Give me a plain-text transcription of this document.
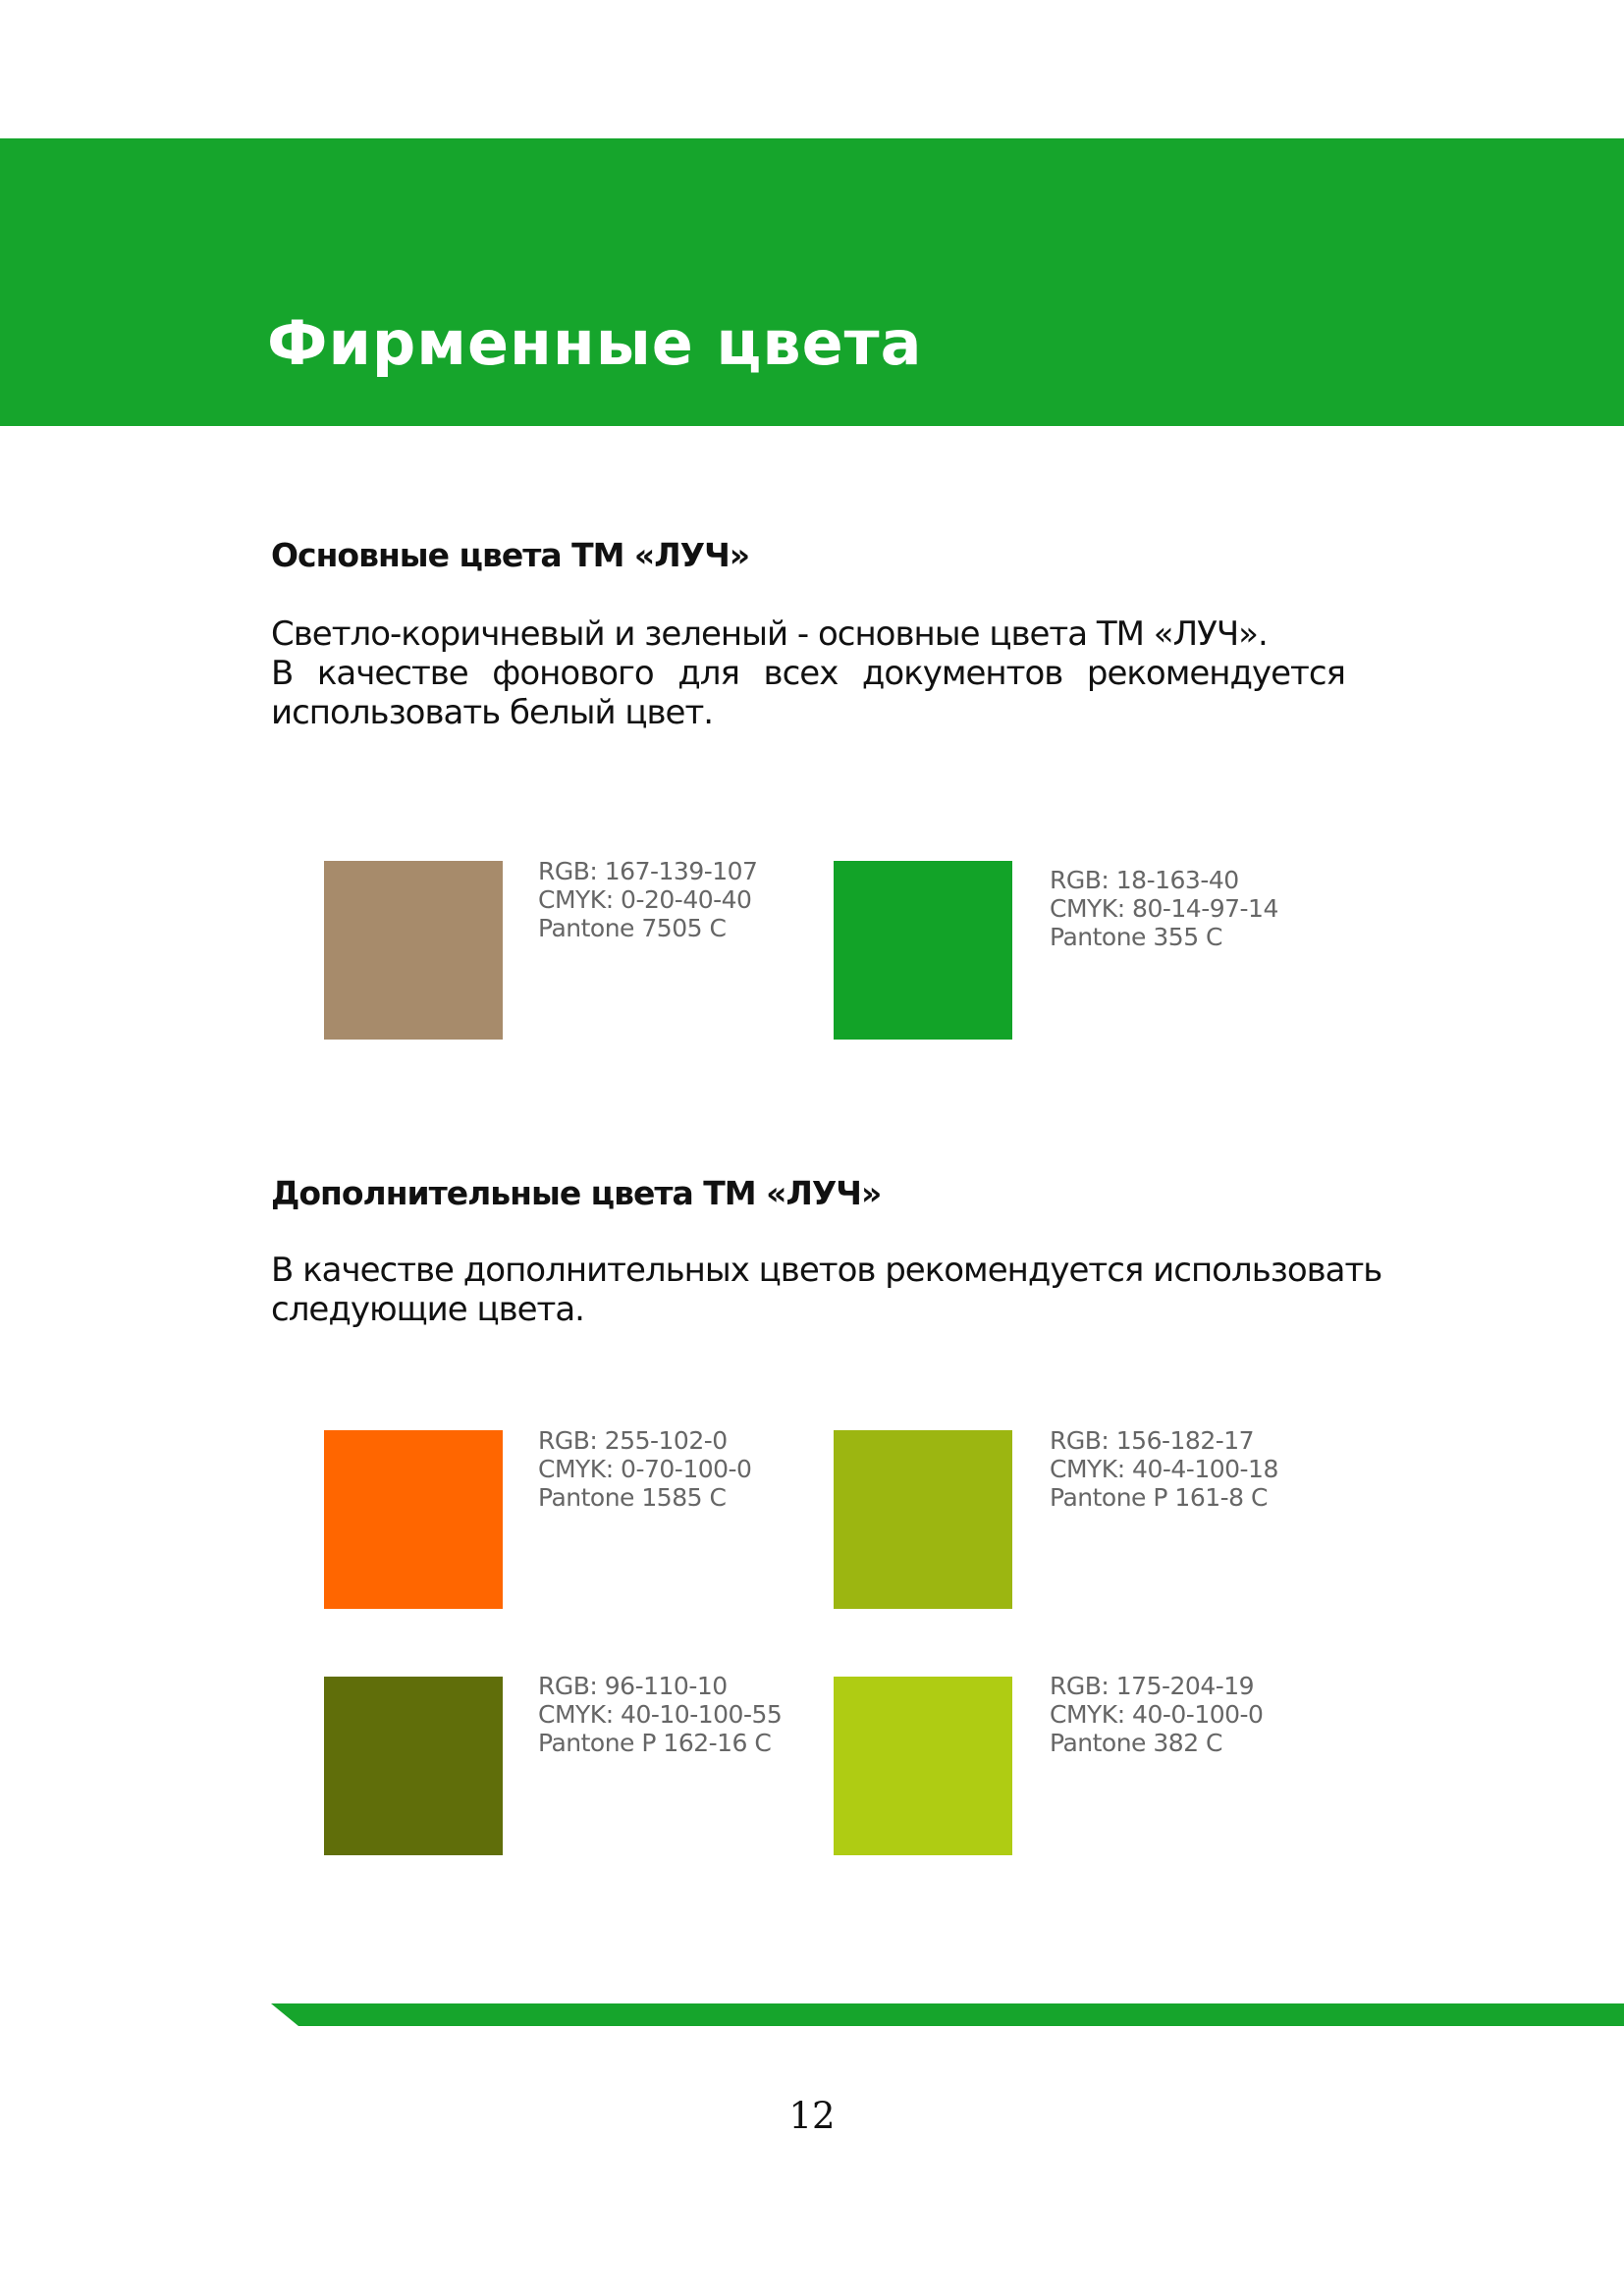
Фирменные цвета
Основные цвета ТМ «ЛУЧ»

Светло-коричневый и зеленый - основные цвета ТМ «ЛУЧ».
В качестве фонового для всех документов рекомендуется
использовать белый цвет.

RGB: 167-139-107
CMYK: 0-20-40-40
Pantone 7505 C
RGB: 18-163-40
CMYK: 80-14-97-14
Pantone 355 C
Дополнительные цвета ТМ «ЛУЧ»

В качестве дополнительных цветов рекомендуется использовать
следующие цвета.

RGB: 255-102-0
CMYK: 0-70-100-0
Pantone 1585 C
RGB: 156-182-17
CMYK: 40-4-100-18
Pantone P 161-8 C
RGB: 96-110-10
CMYK: 40-10-100-55
Pantone P 162-16 C
RGB: 175-204-19
CMYK: 40-0-100-0
Pantone 382 C
12
